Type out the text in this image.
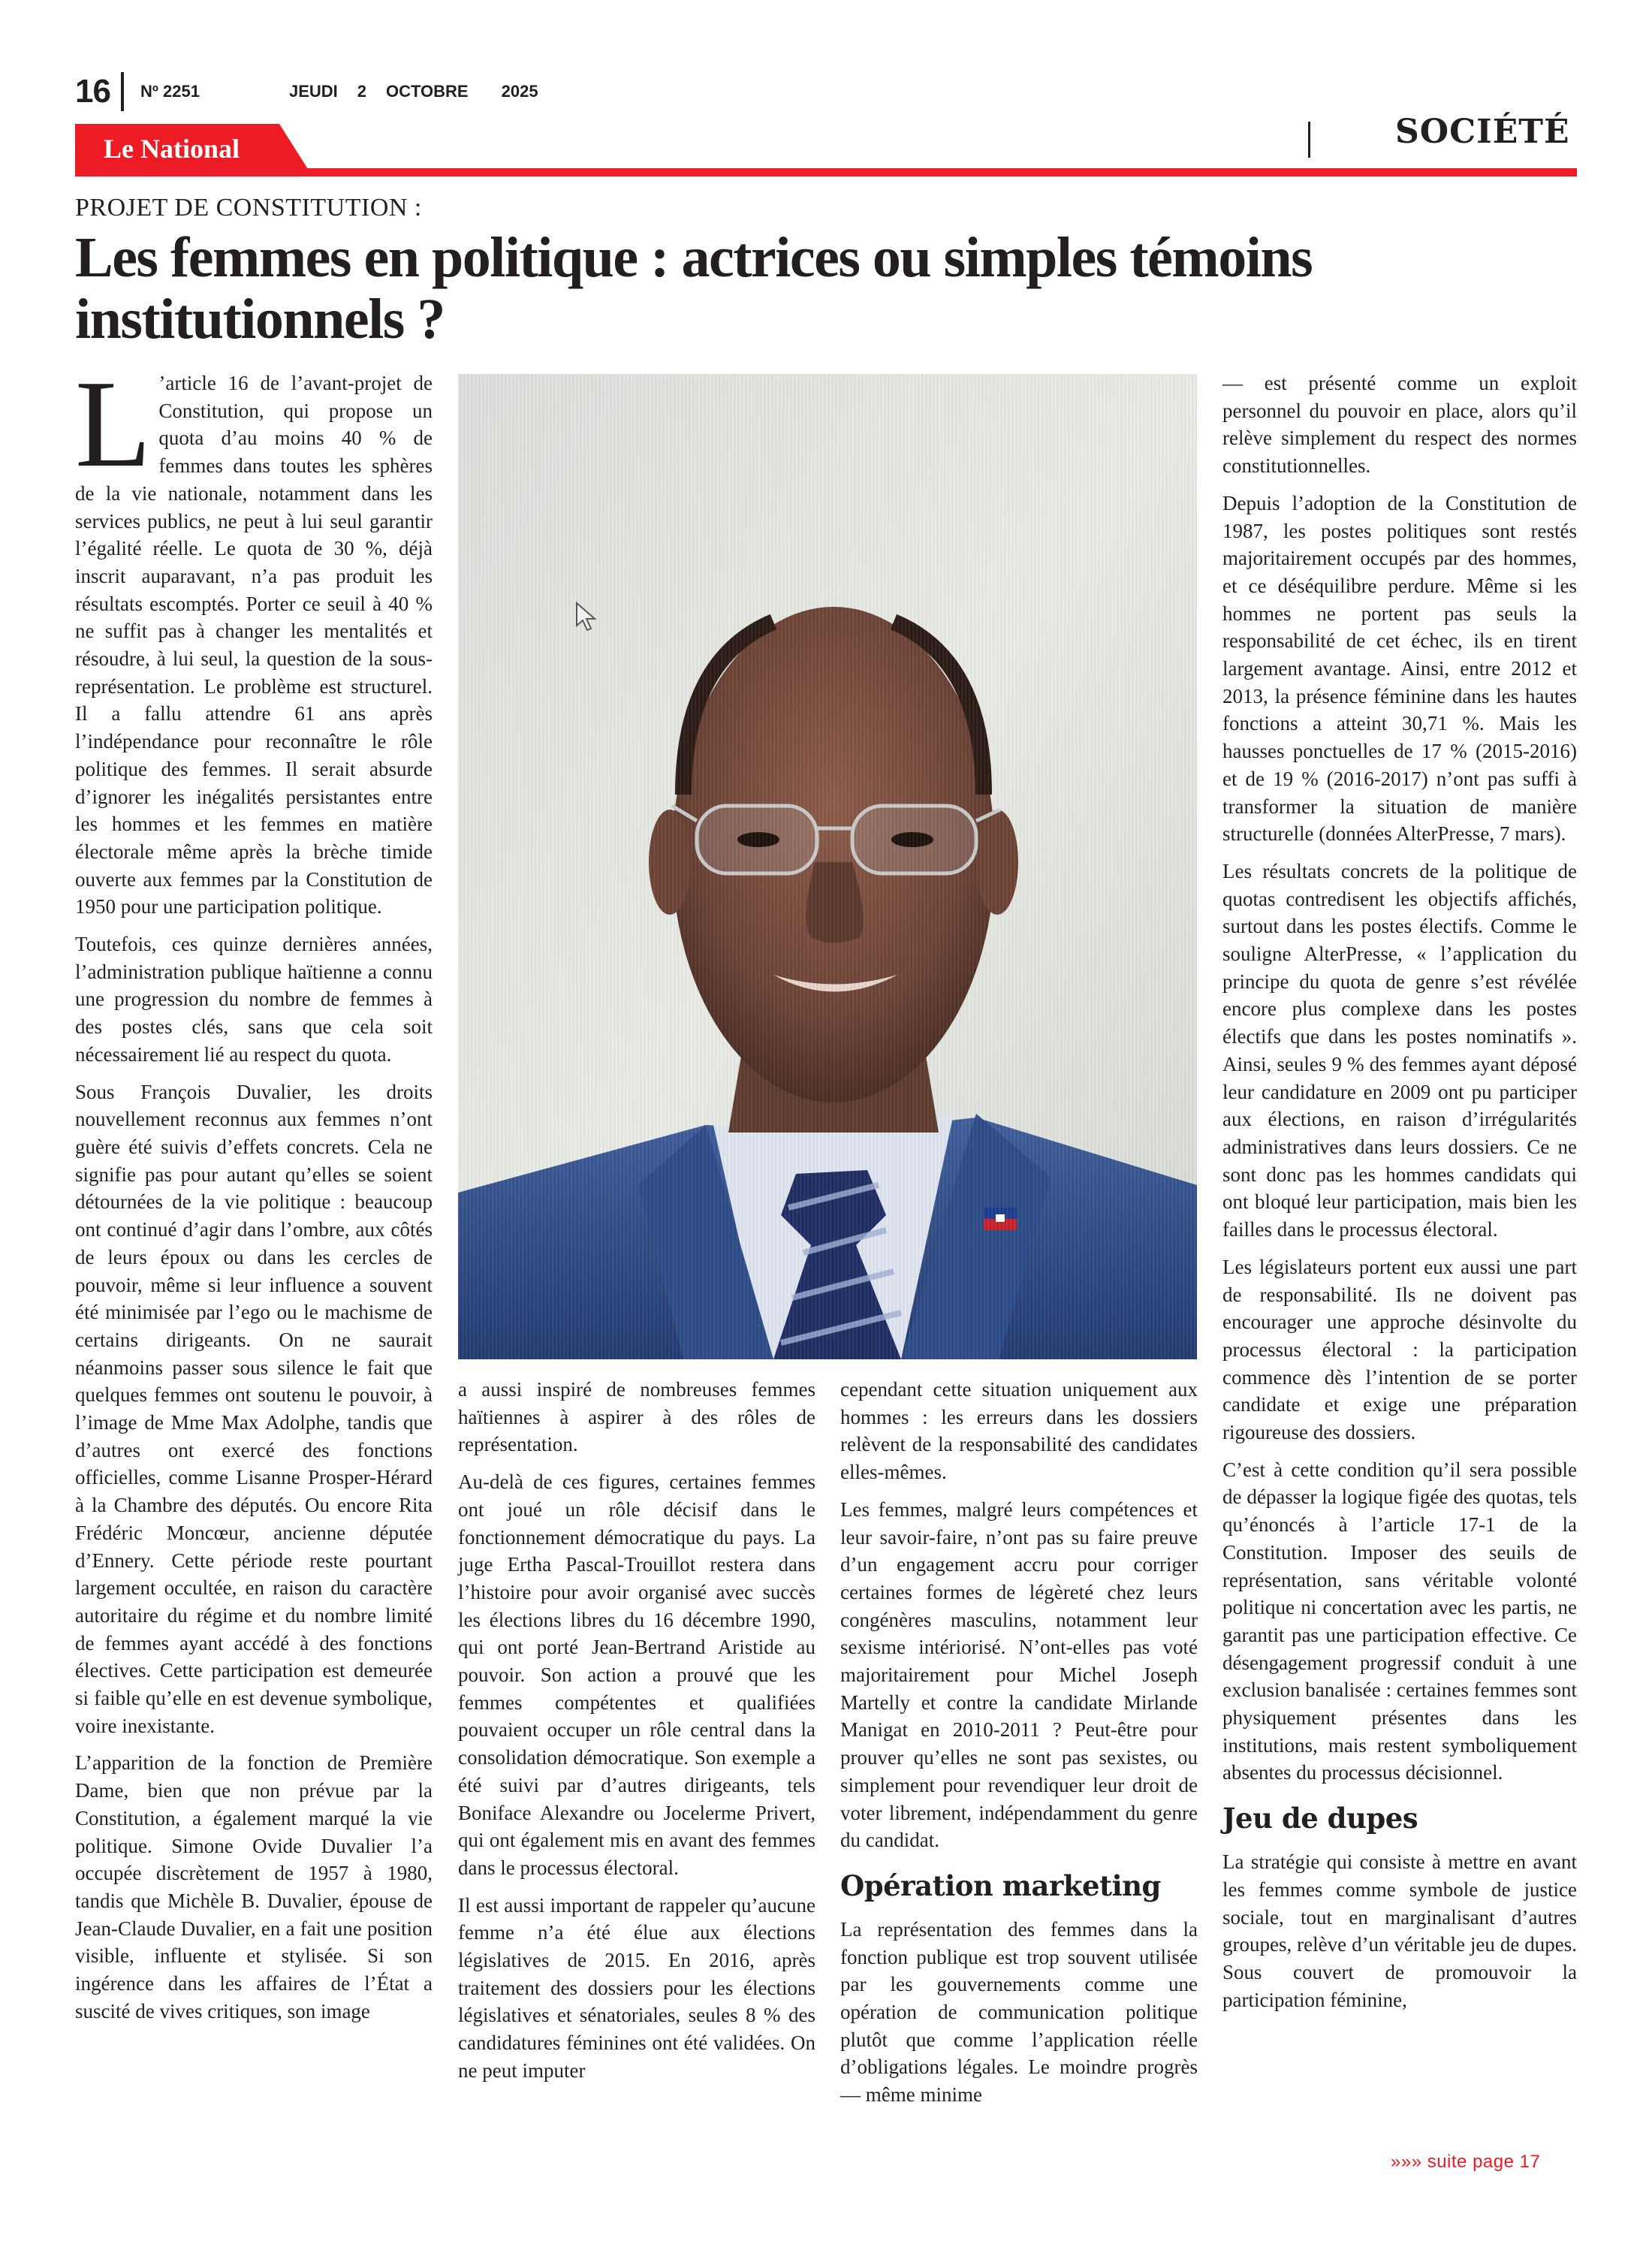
16 Nº 2251	JEUDI 2 OCTOBRE 2025
Le National	SOCIÉTÉ
PROJET DE CONSTITUTION :
Les femmes en politique : actrices ou simples témoins institutionnels ?

L ’article 16 de l’avant-projet de Constitution, qui propose un quota d’au moins 40 % de femmes dans toutes les sphères de la vie nationale, notamment dans les services publics, ne peut à lui seul garantir l’égalité réelle. Le quota de 30 %, déjà inscrit auparavant, n’a pas produit les résultats escomptés. Porter ce seuil à 40 % ne suffit pas à changer les mentalités et résoudre, à lui seul, la question de la sous-représentation. Le problème est structurel. Il a fallu attendre 61 ans après l’indépendance pour reconnaître le rôle politique des femmes. Il serait absurde d’ignorer les inégalités persistantes entre les hommes et les femmes en matière électorale même après la brèche timide ouverte aux femmes par la Constitution de 1950 pour une participation politique.

Toutefois, ces quinze dernières années, l’administration publique haïtienne a connu une progression du nombre de femmes à des postes clés, sans que cela soit nécessairement lié au respect du quota.

Sous François Duvalier, les droits nouvellement reconnus aux femmes n’ont guère été suivis d’effets concrets. Cela ne signifie pas pour autant qu’elles se soient détournées de la vie politique : beaucoup ont continué d’agir dans l’ombre, aux côtés de leurs époux ou dans les cercles de pouvoir, même si leur influence a souvent été minimisée par l’ego ou le machisme de certains dirigeants. On ne saurait néanmoins passer sous silence le fait que quelques femmes ont soutenu le pouvoir, à l’image de Mme Max Adolphe, tandis que d’autres ont exercé des fonctions officielles, comme Lisanne Prosper-Hérard à la Chambre des députés. Ou encore Rita Frédéric Moncœur, ancienne députée d’Ennery. Cette période reste pourtant largement occultée, en raison du caractère autoritaire du régime et du nombre limité de femmes ayant accédé à des fonctions électives. Cette participation est demeurée si faible qu’elle en est devenue symbolique, voire inexistante.

L’apparition de la fonction de Première Dame, bien que non prévue par la Constitution, a également marqué la vie politique. Simone Ovide Duvalier l’a occupée discrètement de 1957 à 1980, tandis que Michèle B. Duvalier, épouse de Jean-Claude Duvalier, en a fait une position visible, influente et stylisée. Si son ingérence dans les affaires de l’État a suscité de vives critiques, son image

a aussi inspiré de nombreuses femmes haïtiennes à aspirer à des rôles de représentation.

Au-delà de ces figures, certaines femmes ont joué un rôle décisif dans le fonctionnement démocratique du pays. La juge Ertha Pascal-Trouillot restera dans l’histoire pour avoir organisé avec succès les élections libres du 16 décembre 1990, qui ont porté Jean-Bertrand Aristide au pouvoir. Son action a prouvé que les femmes compétentes et qualifiées pouvaient occuper un rôle central dans la consolidation démocratique. Son exemple a été suivi par d’autres dirigeants, tels Boniface Alexandre ou Jocelerme Privert, qui ont également mis en avant des femmes dans le processus électoral.

Il est aussi important de rappeler qu’aucune femme n’a été élue aux élections législatives de 2015. En 2016, après traitement des dossiers pour les élections législatives et sénatoriales, seules 8 % des candidatures féminines ont été validées. On ne peut imputer

cependant cette situation uniquement aux hommes : les erreurs dans les dossiers relèvent de la responsabilité des candidates elles-mêmes.

Les femmes, malgré leurs compétences et leur savoir-faire, n’ont pas su faire preuve d’un engagement accru pour corriger certaines formes de légèreté chez leurs congénères masculins, notamment leur sexisme intériorisé. N’ont-elles pas voté majoritairement pour Michel Joseph Martelly et contre la candidate Mirlande Manigat en 2010-2011 ? Peut-être pour prouver qu’elles ne sont pas sexistes, ou simplement pour revendiquer leur droit de voter librement, indépendamment du genre du candidat.

Opération marketing

La représentation des femmes dans la fonction publique est trop souvent utilisée par les gouvernements comme une opération de communication politique plutôt que comme l’application réelle d’obligations légales. Le moindre progrès — même minime

— est présenté comme un exploit personnel du pouvoir en place, alors qu’il relève simplement du respect des normes constitutionnelles.

Depuis l’adoption de la Constitution de 1987, les postes politiques sont restés majoritairement occupés par des hommes, et ce déséquilibre perdure. Même si les hommes ne portent pas seuls la responsabilité de cet échec, ils en tirent largement avantage. Ainsi, entre 2012 et 2013, la présence féminine dans les hautes fonctions a atteint 30,71 %. Mais les hausses ponctuelles de 17 % (2015-2016) et de 19 % (2016-2017) n’ont pas suffi à transformer la situation de manière structurelle (données AlterPresse, 7 mars).

Les résultats concrets de la politique de quotas contredisent les objectifs affichés, surtout dans les postes électifs. Comme le souligne AlterPresse, « l’application du principe du quota de genre s’est révélée encore plus complexe dans les postes électifs que dans les postes nominatifs ». Ainsi, seules 9 % des femmes ayant déposé leur candidature en 2009 ont pu participer aux élections, en raison d’irrégularités administratives dans leurs dossiers. Ce ne sont donc pas les hommes candidats qui ont bloqué leur participation, mais bien les failles dans le processus électoral.

Les législateurs portent eux aussi une part de responsabilité. Ils ne doivent pas encourager une approche désinvolte du processus électoral : la participation commence dès l’intention de se porter candidate et exige une préparation rigoureuse des dossiers.

C’est à cette condition qu’il sera possible de dépasser la logique figée des quotas, tels qu’énoncés à l’article 17-1 de la Constitution. Imposer des seuils de représentation, sans véritable volonté politique ni concertation avec les partis, ne garantit pas une participation effective. Ce désengagement progressif conduit à une exclusion banalisée : certaines femmes sont physiquement présentes dans les institutions, mais restent symboliquement absentes du processus décisionnel.

Jeu de dupes

La stratégie qui consiste à mettre en avant les femmes comme symbole de justice sociale, tout en marginalisant d’autres groupes, relève d’un véritable jeu de dupes. Sous couvert de promouvoir la participation féminine,

»»» suite page 17
